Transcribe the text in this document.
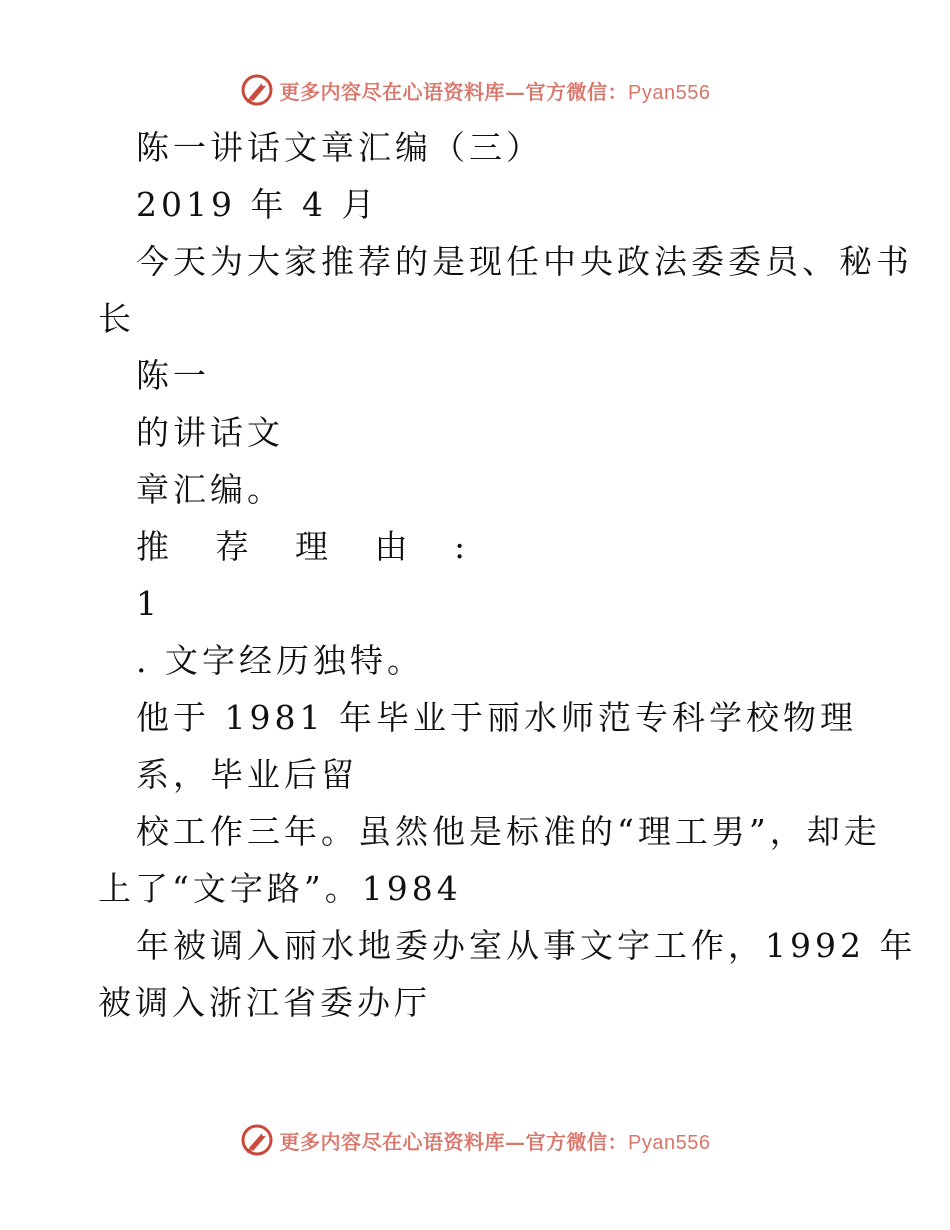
更多内容尽在心语资料库—官方微信：Pyan556
陈一讲话文章汇编（三）
2019 年 4 月
今天为大家推荐的是现任中央政法委委员、秘书
长
陈一
的讲话文
章汇编。
推 荐 理 由 :
1
. 文字经历独特。
他于 1981 年毕业于丽水师范专科学校物理
系，毕业后留
校工作三年。虽然他是标准的“理工男”，却走
上了“文字路”。1984
年被调入丽水地委办室从事文字工作，1992 年
被调入浙江省委办厅
更多内容尽在心语资料库—官方微信：Pyan556
